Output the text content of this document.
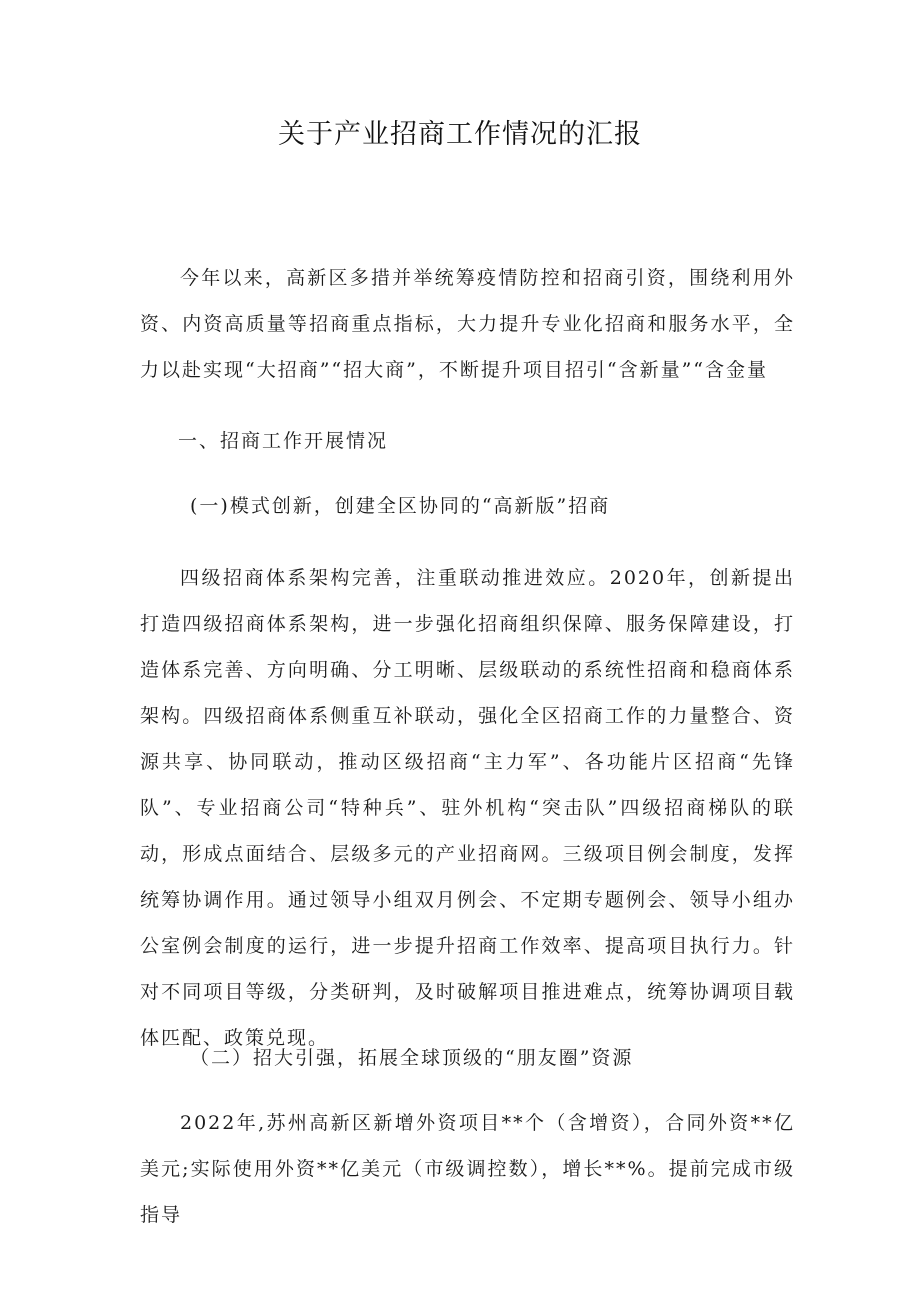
关于产业招商工作情况的汇报

今年以来，高新区多措并举统筹疫情防控和招商引资，围绕利用外资、内资高质量等招商重点指标，大力提升专业化招商和服务水平，全力以赴实现“大招商”“招大商”，不断提升项目招引“含新量”“含金量

一、招商工作开展情况
(一)模式创新，创建全区协同的“高新版”招商

四级招商体系架构完善，注重联动推进效应。2020年，创新提出打造四级招商体系架构，进一步强化招商组织保障、服务保障建设，打造体系完善、方向明确、分工明晰、层级联动的系统性招商和稳商体系架构。四级招商体系侧重互补联动，强化全区招商工作的力量整合、资源共享、协同联动，推动区级招商“主力军”、各功能片区招商“先锋队”、专业招商公司“特种兵”、驻外机构“突击队”四级招商梯队的联动，形成点面结合、层级多元的产业招商网。三级项目例会制度，发挥统筹协调作用。通过领导小组双月例会、不定期专题例会、领导小组办公室例会制度的运行，进一步提升招商工作效率、提高项目执行力。针对不同项目等级，分类研判，及时破解项目推进难点，统筹协调项目载体匹配、政策兑现。

（二）招大引强，拓展全球顶级的“朋友圈”资源

2022年,苏州高新区新增外资项目**个（含增资），合同外资**亿美元;实际使用外资**亿美元（市级调控数），增长**%。提前完成市级指导
